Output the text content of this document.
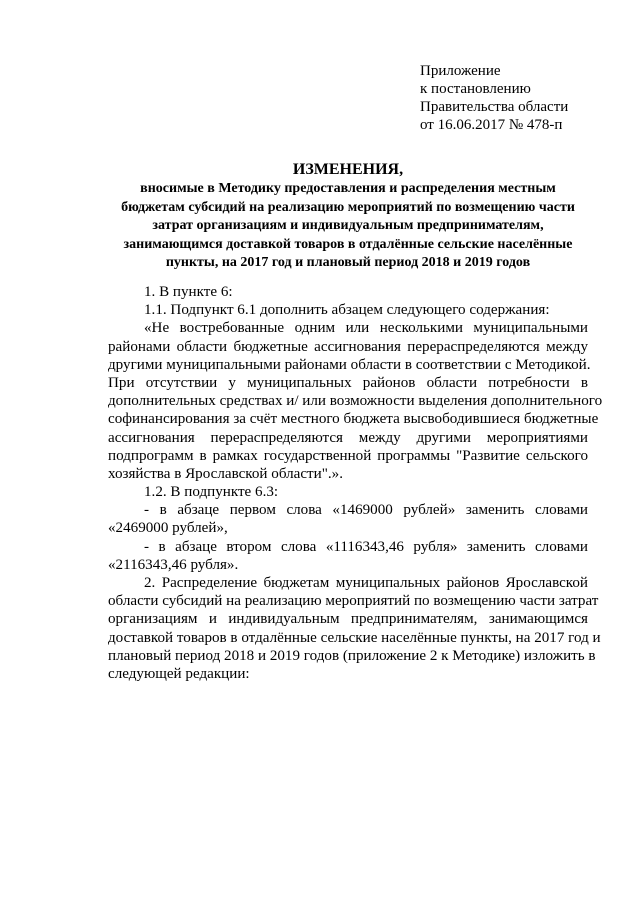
Приложение
к постановлению
Правительства области
от 16.06.2017 № 478-п
ИЗМЕНЕНИЯ,
вносимые в Методику предоставления и распределения местным
бюджетам субсидий на реализацию мероприятий по возмещению части
затрат организациям и индивидуальным предпринимателям,
занимающимся доставкой товаров в отдалённые сельские населённые
пункты, на 2017 год и плановый период 2018 и 2019 годов
1. В пункте 6:
1.1. Подпункт 6.1 дополнить абзацем следующего содержания:
«Не востребованные одним или несколькими муниципальными
районами области бюджетные ассигнования перераспределяются между
другими муниципальными районами области в соответствии с Методикой.
При отсутствии у муниципальных районов области потребности в
дополнительных средствах и/ или возможности выделения дополнительного
софинансирования за счёт местного бюджета высвободившиеся бюджетные
ассигнования перераспределяются между другими мероприятиями
подпрограмм в рамках государственной программы "Развитие сельского
хозяйства в Ярославской области".».
1.2. В подпункте 6.3:
- в абзаце первом слова «1469000 рублей» заменить словами
«2469000 рублей»,
- в абзаце втором слова «1116343,46 рубля» заменить словами
«2116343,46 рубля».
2. Распределение бюджетам муниципальных районов Ярославской
области субсидий на реализацию мероприятий по возмещению части затрат
организациям и индивидуальным предпринимателям, занимающимся
доставкой товаров в отдалённые сельские населённые пункты, на 2017 год и
плановый период 2018 и 2019 годов (приложение 2 к Методике) изложить в
следующей редакции:
